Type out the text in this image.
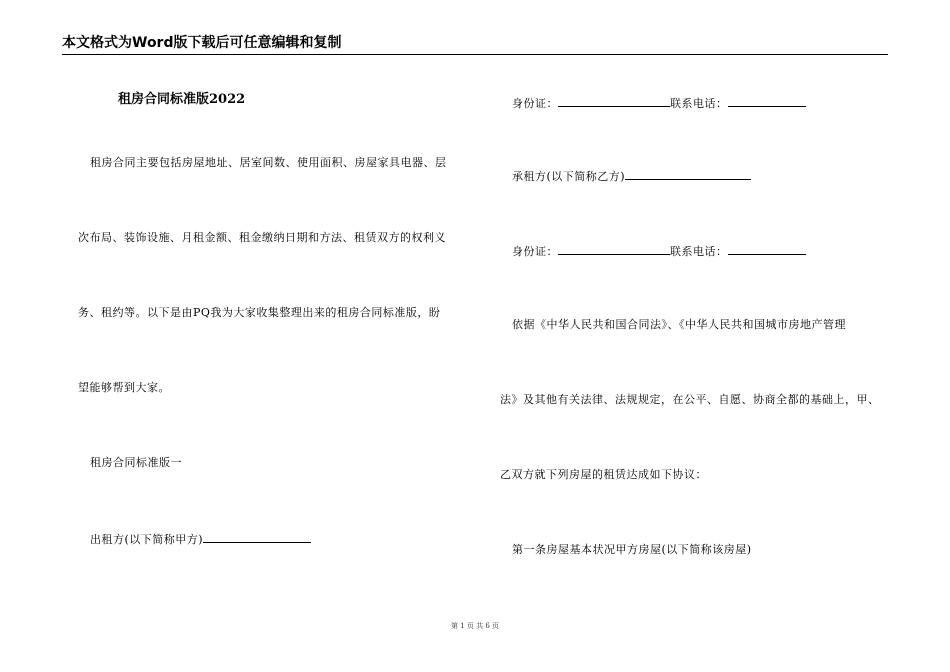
本文格式为Word版下载后可任意编辑和复制
租房合同标准版2022
租房合同主要包括房屋地址、居室间数、使用面积、房屋家具电器、层
次布局、装饰设施、月租金额、租金缴纳日期和方法、租赁双方的权利义
务、租约等。以下是由PQ我为大家收集整理出来的租房合同标准版，盼
望能够帮到大家。
租房合同标准版一
出租方(以下简称甲方)
身份证：	联系电话：
承租方(以下简称乙方)
身份证：	联系电话：
依据《中华人民共和国合同法》、《中华人民共和国城市房地产管理
法》及其他有关法律、法规规定，在公平、自愿、协商全都的基础上，甲、
乙双方就下列房屋的租赁达成如下协议：
第一条房屋基本状况甲方房屋(以下简称该房屋)
第 1 页 共 6 页
